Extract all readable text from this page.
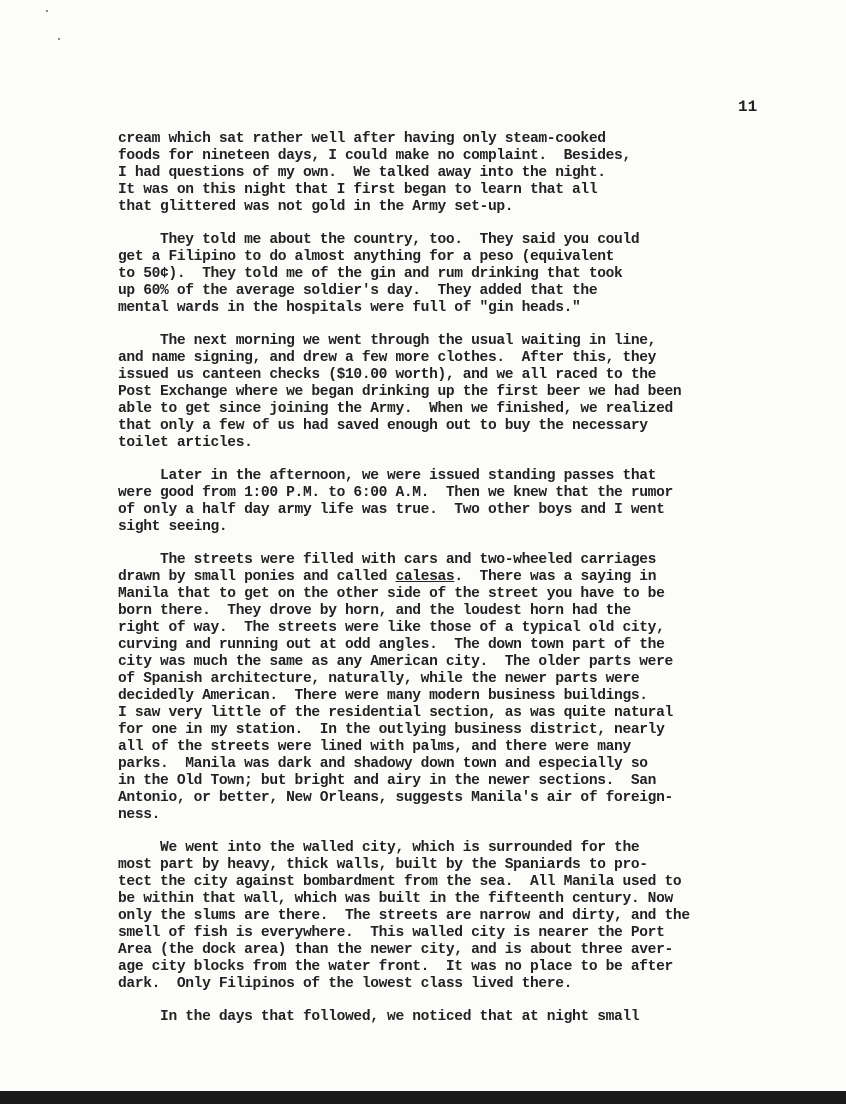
11

cream which sat rather well after having only steam-cooked
foods for nineteen days, I could make no complaint.  Besides,
I had questions of my own.  We talked away into the night.
It was on this night that I first began to learn that all
that glittered was not gold in the Army set-up.

They told me about the country, too.  They said you could
get a Filipino to do almost anything for a peso (equivalent
to 50¢).  They told me of the gin and rum drinking that took
up 60% of the average soldier's day.  They added that the
mental wards in the hospitals were full of "gin heads."

The next morning we went through the usual waiting in line,
and name signing, and drew a few more clothes.  After this, they
issued us canteen checks ($10.00 worth), and we all raced to the
Post Exchange where we began drinking up the first beer we had been
able to get since joining the Army.  When we finished, we realized
that only a few of us had saved enough out to buy the necessary
toilet articles.

Later in the afternoon, we were issued standing passes that
were good from 1:00 P.M. to 6:00 A.M.  Then we knew that the rumor
of only a half day army life was true.  Two other boys and I went
sight seeing.

The streets were filled with cars and two-wheeled carriages
drawn by small ponies and called calesas.  There was a saying in
Manila that to get on the other side of the street you have to be
born there.  They drove by horn, and the loudest horn had the
right of way.  The streets were like those of a typical old city,
curving and running out at odd angles.  The down town part of the
city was much the same as any American city.  The older parts were
of Spanish architecture, naturally, while the newer parts were
decidedly American.  There were many modern business buildings.
I saw very little of the residential section, as was quite natural
for one in my station.  In the outlying business district, nearly
all of the streets were lined with palms, and there were many
parks.  Manila was dark and shadowy down town and especially so
in the Old Town; but bright and airy in the newer sections.  San
Antonio, or better, New Orleans, suggests Manila's air of foreign-
ness.

We went into the walled city, which is surrounded for the
most part by heavy, thick walls, built by the Spaniards to pro-
tect the city against bombardment from the sea.  All Manila used to
be within that wall, which was built in the fifteenth century. Now
only the slums are there.  The streets are narrow and dirty, and the
smell of fish is everywhere.  This walled city is nearer the Port
Area (the dock area) than the newer city, and is about three aver-
age city blocks from the water front.  It was no place to be after
dark.  Only Filipinos of the lowest class lived there.

In the days that followed, we noticed that at night small
